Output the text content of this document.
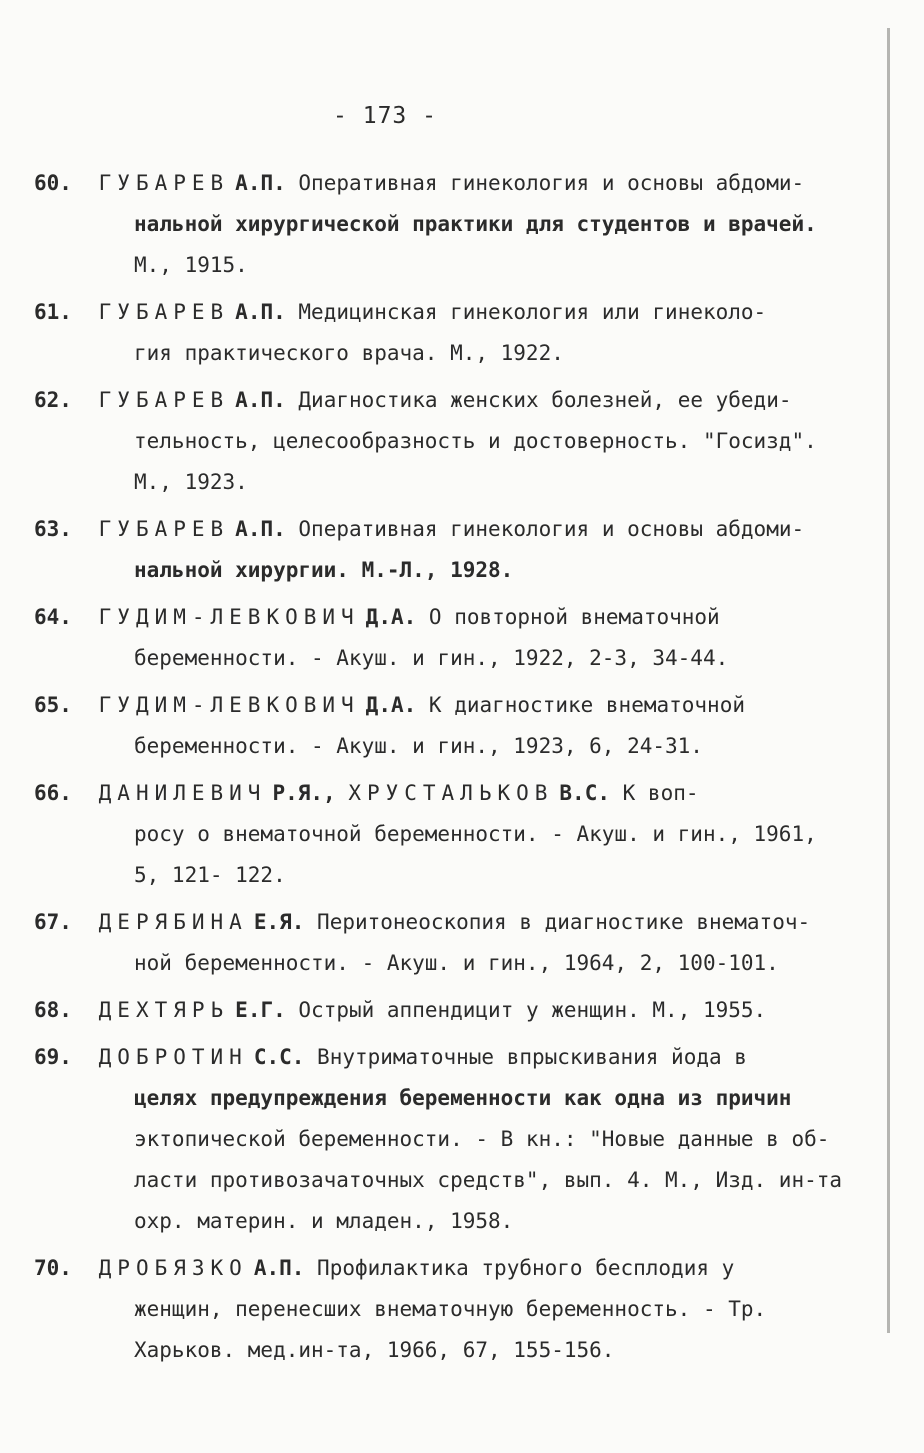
- 173 -
60. ГУБАРЕВ А.П. Оперативная гинекология и основы абдоми-
нальной хирургической практики для студентов и врачей.
М., 1915.
61. ГУБАРЕВ А.П. Медицинская гинекология или гинеколо-
гия практического врача. М., 1922.
62. ГУБАРЕВ А.П. Диагностика женских болезней, ее убеди-
тельность, целесообразность и достоверность. "Госизд".
М., 1923.
63. ГУБАРЕВ А.П. Оперативная гинекология и основы абдоми-
нальной хирургии. М.-Л., 1928.
64. ГУДИМ-ЛЕВКОВИЧ Д.А. О повторной внематочной
беременности. - Акуш. и гин., 1922, 2-3, 34-44.
65. ГУДИМ-ЛЕВКОВИЧ Д.А. К диагностике внематочной
беременности. - Акуш. и гин., 1923, 6, 24-31.
66. ДАНИЛЕВИЧ Р.Я., ХРУСТАЛЬКОВ В.С. К воп-
росу о внематочной беременности. - Акуш. и гин., 1961,
5, 121- 122.
67. ДЕРЯБИНА Е.Я. Перитонеоскопия в диагностике внематоч-
ной беременности. - Акуш. и гин., 1964, 2, 100-101.
68. ДЕХТЯРЬ Е.Г. Острый аппендицит у женщин. М., 1955.
69. ДОБРОТИН С.С. Внутриматочные впрыскивания йода в
целях предупреждения беременности как одна из причин
эктопической беременности. - В кн.: "Новые данные в об-
ласти противозачаточных средств", вып. 4. М., Изд. ин-та
охр. материн. и младен., 1958.
70. ДРОБЯЗКО А.П. Профилактика трубного бесплодия у
женщин, перенесших внематочную беременность. - Тр.
Харьков. мед.ин-та, 1966, 67, 155-156.
